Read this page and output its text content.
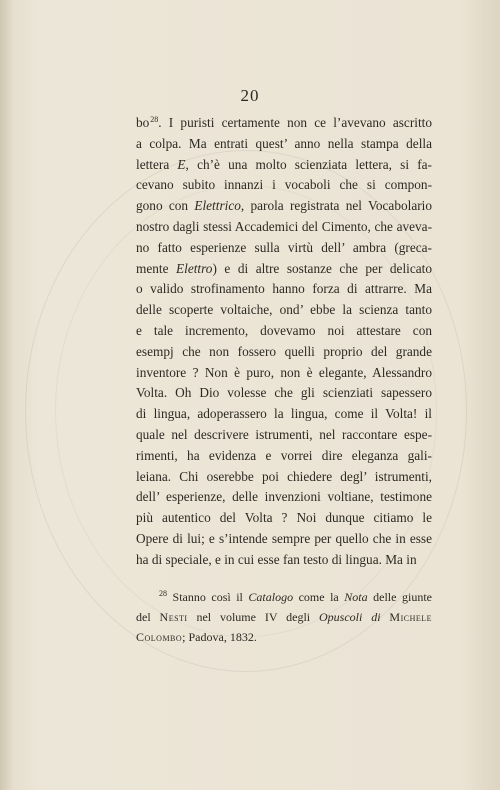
20
bo$^{28}$. I puristi certamente non ce l’avevano ascritto
a colpa. Ma entrati quest’ anno nella stampa della
lettera E, ch’è una molto scienziata lettera, si fa-
cevano subito innanzi i vocaboli che si compon-
gono con Elettrico, parola registrata nel Vocabolario
nostro dagli stessi Accademici del Cimento, che aveva-
no fatto esperienze sulla virtù dell’ ambra (greca-
mente Elettro) e di altre sostanze che per delicato
o valido strofinamento hanno forza di attrarre. Ma
delle scoperte voltaiche, ond’ ebbe la scienza tanto
e tale incremento, dovevamo noi attestare con
esempj che non fossero quelli proprio del grande
inventore ? Non è puro, non è elegante, Alessandro
Volta. Oh Dio volesse che gli scienziati sapessero
di lingua, adoperassero la lingua, come il Volta! il
quale nel descrivere istrumenti, nel raccontare espe-
rimenti, ha evidenza e vorrei dire eleganza gali-
leiana. Chi oserebbe poi chiedere degl’ istrumenti,
dell’ esperienze, delle invenzioni voltiane, testimone
più autentico del Volta ? Noi dunque citiamo le
Opere di lui; e s’intende sempre per quello che in esse
ha di speciale, e in cui esse fan testo di lingua. Ma in
$^{28}$ Stanno così il Catalogo come la Nota delle giunte
del Nesti nel volume IV degli Opuscoli di Michele
Colombo; Padova, 1832.
